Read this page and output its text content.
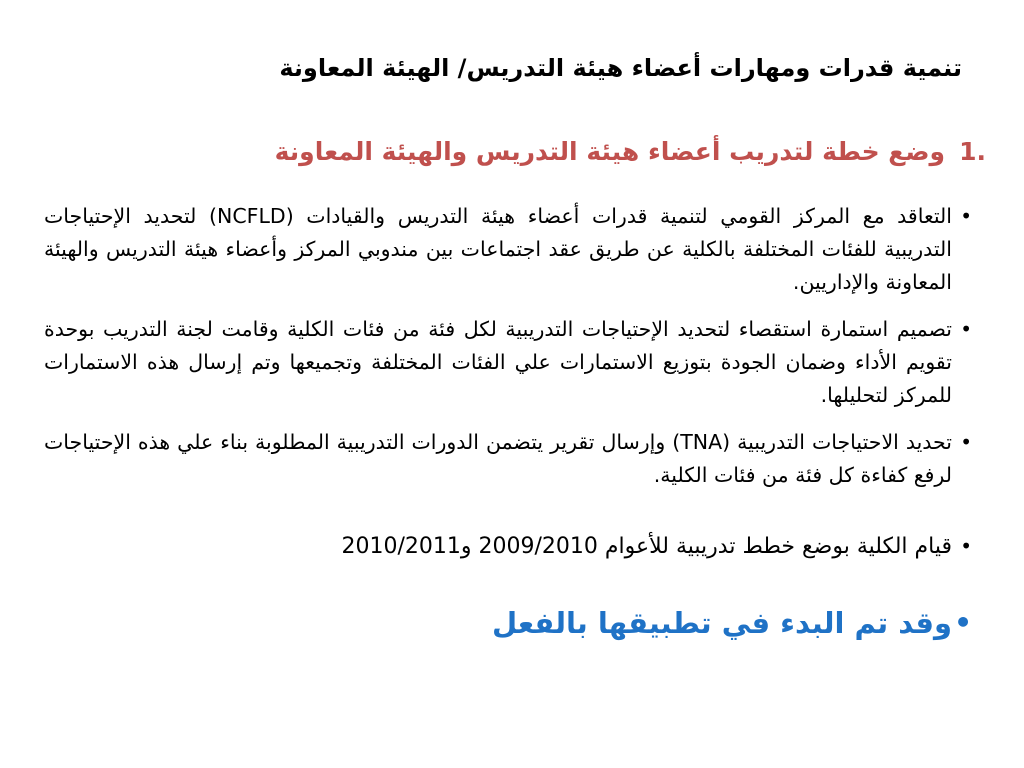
تنمية قدرات ومهارات أعضاء هيئة التدريس/ الهيئة المعاونة
1.وضع خطة لتدريب أعضاء هيئة التدريس والهيئة المعاونة
•
التعاقد مع المركز القومي لتنمية قدرات أعضاء هيئة التدريس والقيادات (NCFLD) لتحديد الإحتياجات التدريبية للفئات المختلفة بالكلية عن طريق عقد اجتماعات بين مندوبي المركز وأعضاء هيئة التدريس والهيئة المعاونة والإداريين.
•
تصميم استمارة استقصاء لتحديد الإحتياجات التدريبية لكل فئة من فئات الكلية وقامت لجنة التدريب بوحدة تقويم الأداء وضمان الجودة بتوزيع الاستمارات علي الفئات المختلفة وتجميعها وتم إرسال هذه الاستمارات للمركز لتحليلها.
•
تحديد الاحتياجات التدريبية (TNA) وإرسال تقرير يتضمن الدورات التدريبية المطلوبة بناء علي هذه الإحتياجات لرفع كفاءة كل فئة من فئات الكلية.
•
قيام الكلية بوضع خطط تدريبية للأعوام 2009/2010 و2010/2011
•
وقد تم البدء في تطبيقها بالفعل
